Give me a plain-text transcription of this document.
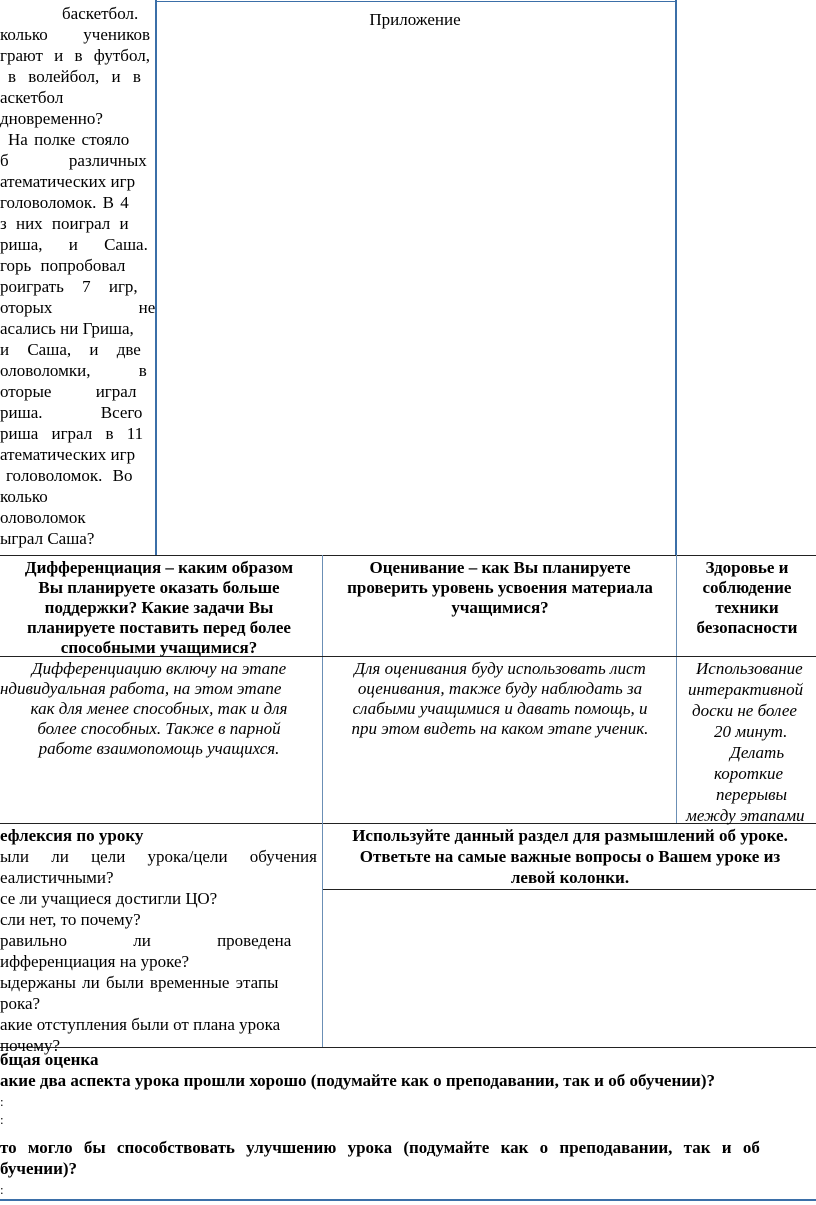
баскетбол.
колько учеников
грают и в футбол,
в волейбол, и в
аскетбол
дновременно?
На полке стояло
б различных
атематических игр
головоломок. В 4
з них поиграл и
риша, и Саша.
горь попробовал
роиграть 7 игр,
оторых не
асались ни Гриша,
и Саша, и две
оловоломки, в
оторые играл
риша. Всего
риша играл в 11
атематических игр
головоломок. Во
колько
оловоломок
ыграл Саша?
Приложение
Дифференциация – каким образом
Вы планируете оказать больше
поддержки? Какие задачи Вы
планируете поставить перед более
способными учащимися?
Оценивание – как Вы планируете
проверить уровень усвоения материала
учащимися?
Здоровье и
соблюдение
техники
безопасности
Дифференциацию включу на этапе
ндивидуальная работа, на этом этапе
как для менее способных, так и для
более способных. Также в парной
работе взаимопомощь учащихся.
Для оценивания буду использовать лист
оценивания, также буду наблюдать за
слабыми учащимися и давать помощь, и
при этом видеть на каком этапе ученик.
Использование
интерактивной
доски не более
20 минут.
Делать
короткие
перерывы
между этапами
ефлексия по уроку
ыли ли цели урока/цели обучения
еалистичными?
се ли учащиеся достигли ЦО?
сли нет, то почему?
равильно ли проведена
ифференциация на уроке?
ыдержаны ли были временные этапы
рока?
акие отступления были от плана урока
почему?
Используйте данный раздел для размышлений об уроке.
Ответьте на самые важные вопросы о Вашем уроке из
левой колонки.
бщая оценка
акие два аспекта урока прошли хорошо (подумайте как о преподавании, так и об обучении)?
:
:
то могло бы способствовать улучшению урока (подумайте как о преподавании, так и об
бучении)?
:
